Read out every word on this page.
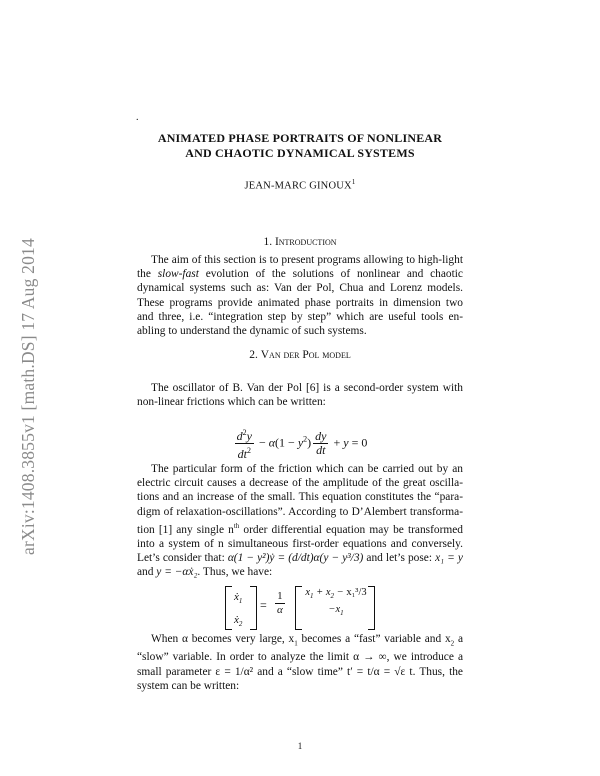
arXiv:1408.3855v1 [math.DS] 17 Aug 2014
.
ANIMATED PHASE PORTRAITS OF NONLINEAR
AND CHAOTIC DYNAMICAL SYSTEMS
JEAN-MARC GINOUX$^1$
1. Introduction

The aim of this section is to present programs allowing to high-light the slow-fast evolution of the solutions of nonlinear and chaotic dynamical systems such as: Van der Pol, Chua and Lorenz models. These programs provide animated phase portraits in dimension two and three, i.e. “integration step by step” which are useful tools en-abling to understand the dynamic of such systems.

2. Van der Pol model

The oscillator of B. Van der Pol [6] is a second-order system with non-linear frictions which can be written:

$\frac{d^2y}{dt^2} - \alpha(1 - y^2) \frac{dy}{dt} + y = 0$

The particular form of the friction which can be carried out by an electric circuit causes a decrease of the amplitude of the great oscilla-tions and an increase of the small. This equation constitutes the “para-digm of relaxation-oscillations”. According to D’Alembert transforma-tion [1] any single $n^{th}$ order differential equation may be transformed into a system of n simultaneous first-order equations and conversely. Let’s consider that: α(1 − y²)ẏ = (d/dt)α(y − y³/3) and let’s pose: x₁ = y and y = −αẋ₂. Thus, we have:

ẋ$_1$
ẋ$_2$
= $\frac{1}{\alpha}$	$x_1 + x_2 - x_1^3/3$
$-x_1$

When α becomes very large, $x_1$ becomes a “fast” variable and $x_2$ a “slow” variable. In order to analyze the limit α → ∞, we introduce a small parameter ε = 1/α² and a “slow time” t′ = t/α = √ε t. Thus, the system can be written:

1
